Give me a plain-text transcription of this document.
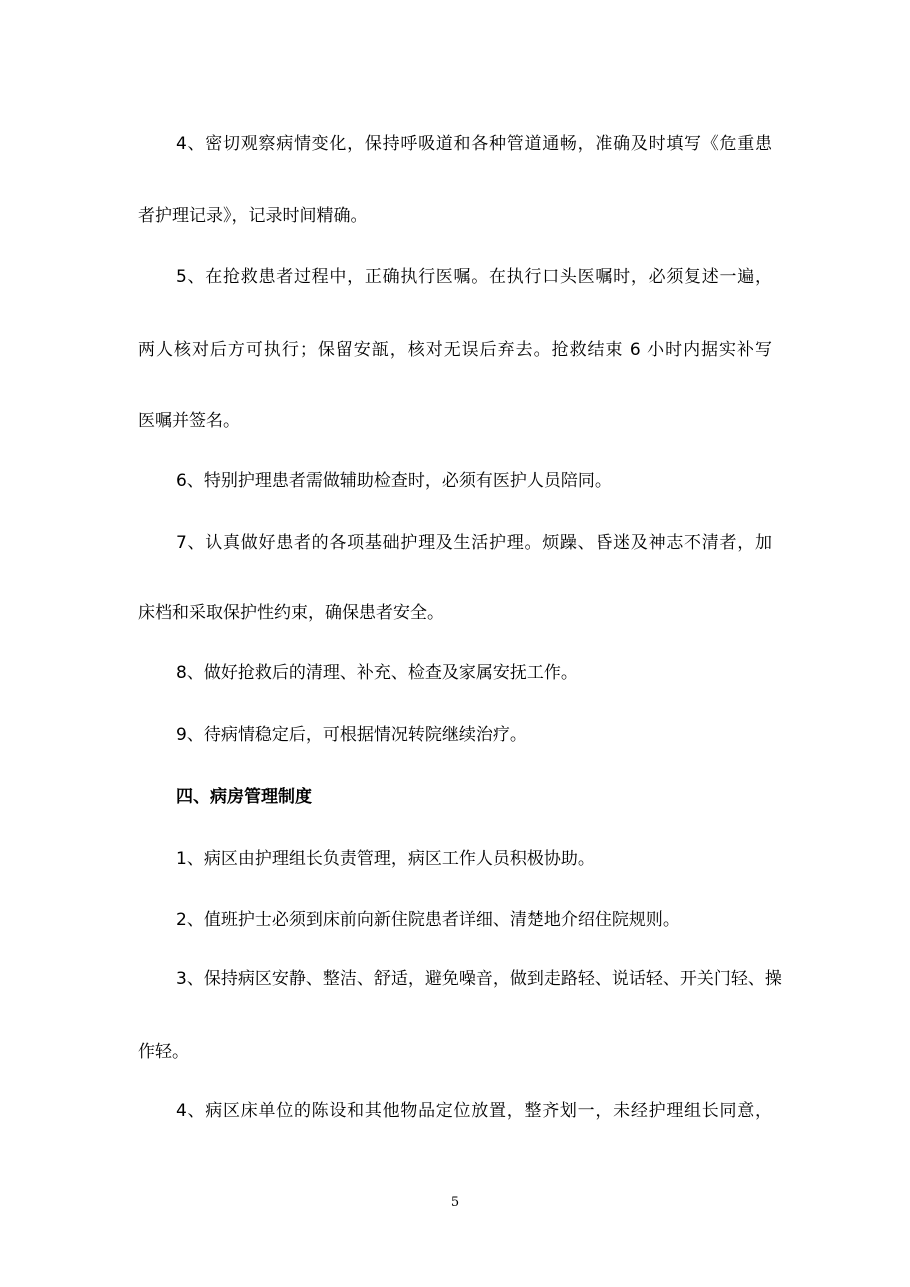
4、密切观察病情变化，保持呼吸道和各种管道通畅，准确及时填写《危重患
者护理记录》，记录时间精确。
5、在抢救患者过程中，正确执行医嘱。在执行口头医嘱时，必须复述一遍，
两人核对后方可执行；保留安瓿，核对无误后弃去。抢救结束 6 小时内据实补写
医嘱并签名。
6、特别护理患者需做辅助检查时，必须有医护人员陪同。
7、认真做好患者的各项基础护理及生活护理。烦躁、昏迷及神志不清者，加
床档和采取保护性约束，确保患者安全。
8、做好抢救后的清理、补充、检查及家属安抚工作。
9、待病情稳定后，可根据情况转院继续治疗。
四、病房管理制度
1、病区由护理组长负责管理，病区工作人员积极协助。
2、值班护士必须到床前向新住院患者详细、清楚地介绍住院规则。
3、保持病区安静、整洁、舒适，避免噪音，做到走路轻、说话轻、开关门轻、操
作轻。
4、病区床单位的陈设和其他物品定位放置，整齐划一，未经护理组长同意，
5
